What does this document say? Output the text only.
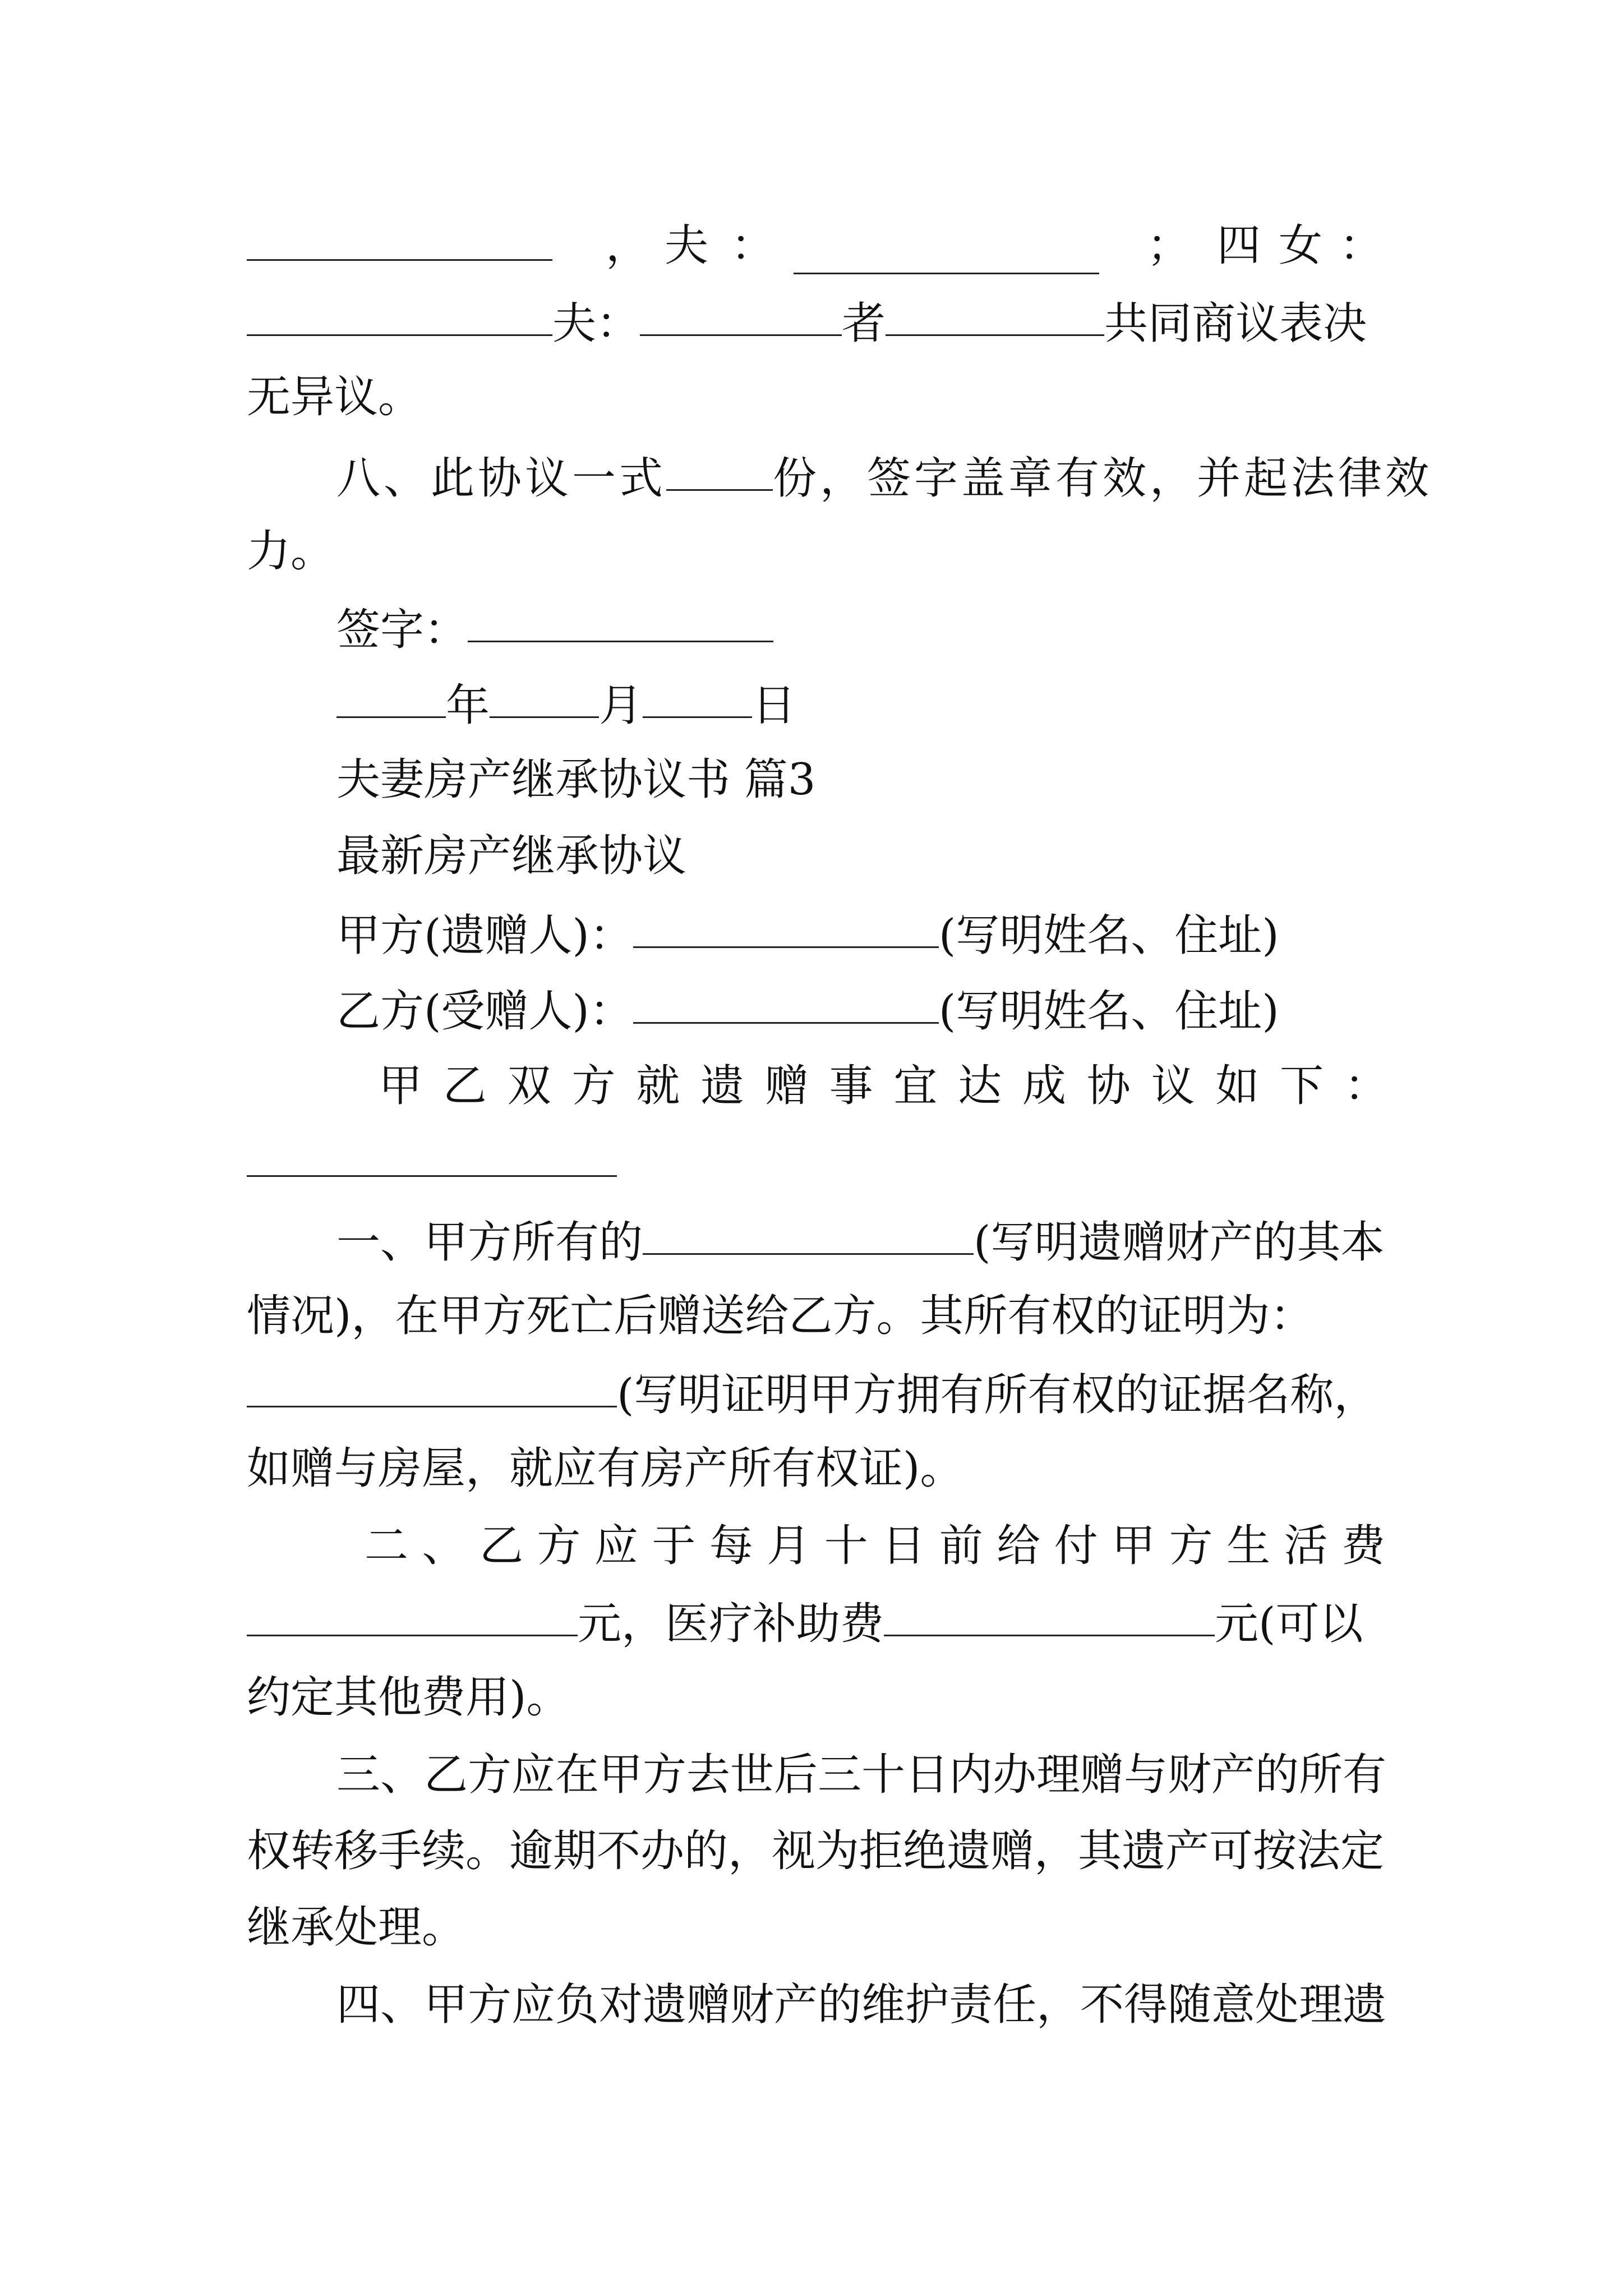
， 夫：	； 四 女：
夫：	者	共同商议表决
无异议。
八、此协议一式 份，签字盖章有效，并起法律效
力。
签字：
年	月	日
夫妻房产继承协议书 篇3
最新房产继承协议
甲方(遗赠人)：	(写明姓名、住址)
乙方(受赠人)：	(写明姓名、住址)
甲 乙 双 方 就 遗 赠 事 宜 达 成 协 议 如 下 ：
一、甲方所有的	(写明遗赠财产的其本
情况)，在甲方死亡后赠送给乙方。其所有权的证明为：
(写明证明甲方拥有所有权的证据名称，
如赠与房屋，就应有房产所有权证)。
二 、 乙 方 应 于 每 月 十 日 前 给 付 甲 方 生 活 费
元，医疗补助费	元(可以
约定其他费用)。
三、乙方应在甲方去世后三十日内办理赠与财产的所有
权转移手续。逾期不办的，视为拒绝遗赠，其遗产可按法定
继承处理。
四、甲方应负对遗赠财产的维护责任，不得随意处理遗
